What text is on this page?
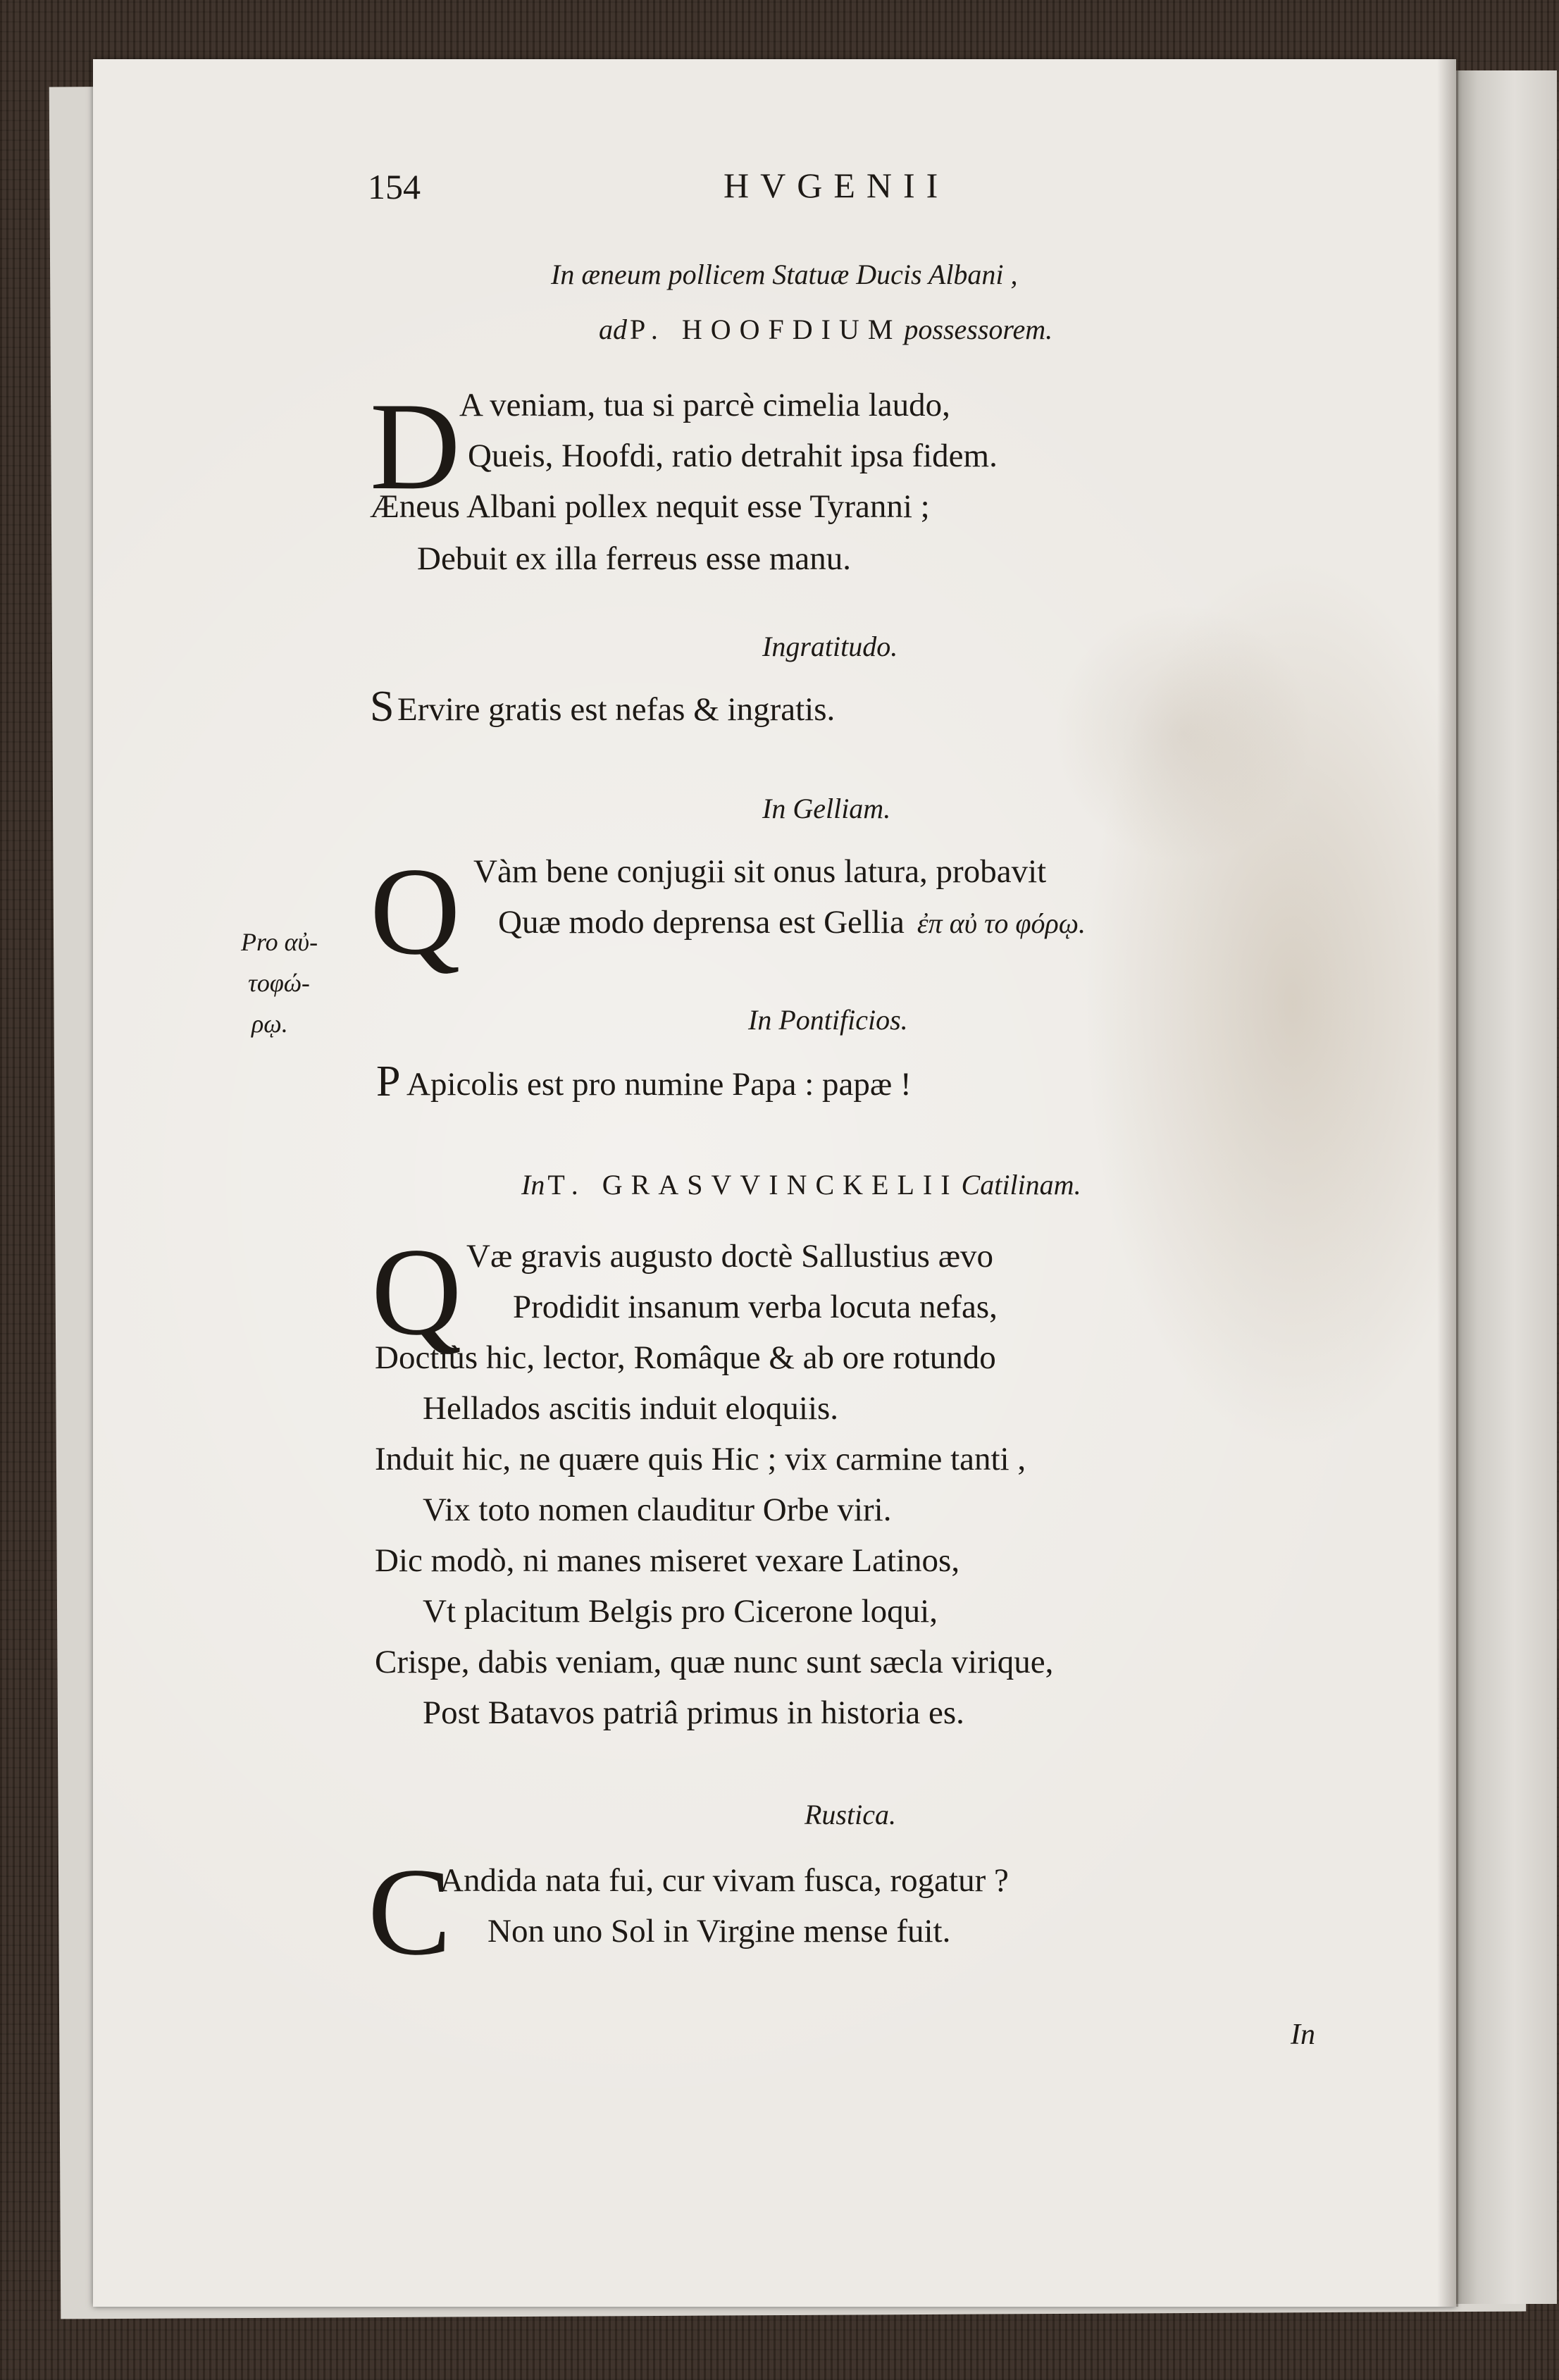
154	HVGENII
In æneum pollicem Statuæ Ducis Albani ,
ad P. HOOFDIUM possessorem.
D
A veniam, tua si parcè cimelia laudo,
Queis, Hoofdi, ratio detrahit ipsa fidem.
Æneus Albani pollex nequit esse Tyranni ;
Debuit ex illa ferreus esse manu.
Ingratitudo.
S Ervire gratis est nefas & ingratis.
In Gelliam.
Q Vàm bene conjugii sit onus latura, probavit
Quæ modo deprensa est Gellia ἐπ αὐ το φόρῳ.
Pro αὐ-
τοφώ-
ρῳ.	In Pontificios.
P Apicolis est pro numine Papa : papæ !
In T. GRASVVINCKELII Catilinam.
Q Væ gravis augusto doctè Sallustius ævo
Prodidit insanum verba locuta nefas,
Doctiùs hic, lector, Româque & ab ore rotundo
Hellados ascitis induit eloquiis.
Induit hic, ne quære quis Hic ; vix carmine tanti ,
Vix toto nomen clauditur Orbe viri.
Dic modò, ni manes miseret vexare Latinos,
Vt placitum Belgis pro Cicerone loqui,
Crispe, dabis veniam, quæ nunc sunt sæcla virique,
Post Batavos patriâ primus in historia es.
Rustica.
C
Andida nata fui, cur vivam fusca, rogatur ?
Non uno Sol in Virgine mense fuit.
In
